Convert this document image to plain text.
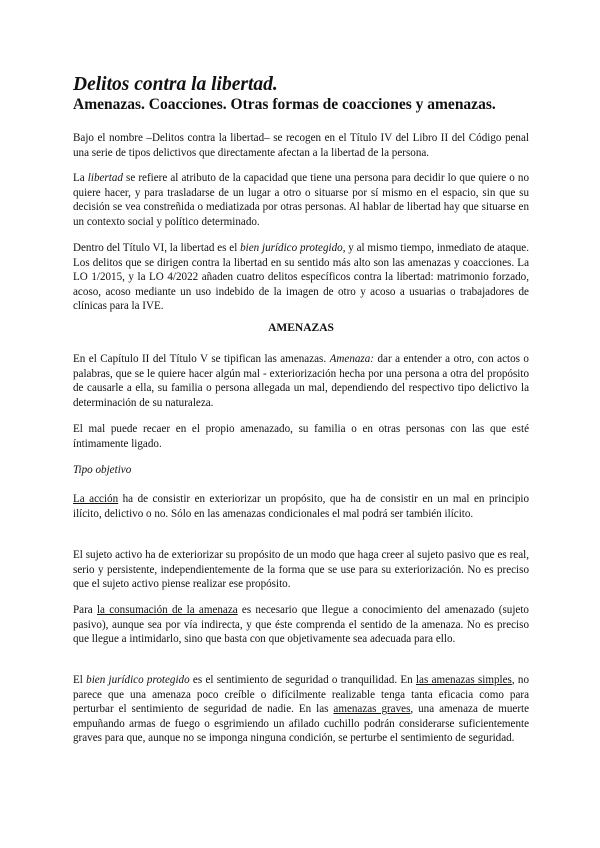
Delitos contra la libertad.
Amenazas. Coacciones. Otras formas de coacciones y amenazas.

Bajo el nombre –Delitos contra la libertad– se recogen en el Título IV del Libro II del Código penal una serie de tipos delictivos que directamente afectan a la libertad de la persona.

La libertad se refiere al atributo de la capacidad que tiene una persona para decidir lo que quiere o no quiere hacer, y para trasladarse de un lugar a otro o situarse por sí mismo en el espacio, sin que su decisión se vea constreñida o mediatizada por otras personas. Al hablar de libertad hay que situarse en un contexto social y político determinado.

Dentro del Título VI, la libertad es el bien jurídico protegido, y al mismo tiempo, inmediato de ataque. Los delitos que se dirigen contra la libertad en su sentido más alto son las amenazas y coacciones. La LO 1/2015, y la LO 4/2022 añaden cuatro delitos específicos contra la libertad: matrimonio forzado, acoso, acoso mediante un uso indebido de la imagen de otro y acoso a usuarias o trabajadores de clínicas para la IVE.

AMENAZAS

En el Capítulo II del Título V se tipifican las amenazas. Amenaza: dar a entender a otro, con actos o palabras, que se le quiere hacer algún mal - exteriorización hecha por una persona a otra del propósito de causarle a ella, su familia o persona allegada un mal, dependiendo del respectivo tipo delictivo la determinación de su naturaleza.

El mal puede recaer en el propio amenazado, su familia o en otras personas con las que esté íntimamente ligado.

Tipo objetivo

La acción ha de consistir en exteriorizar un propósito, que ha de consistir en un mal en principio ilícito, delictivo o no. Sólo en las amenazas condicionales el mal podrá ser también ilícito.

El sujeto activo ha de exteriorizar su propósito de un modo que haga creer al sujeto pasivo que es real, serio y persistente, independientemente de la forma que se use para su exteriorización. No es preciso que el sujeto activo piense realizar ese propósito.

Para la consumación de la amenaza es necesario que llegue a conocimiento del amenazado (sujeto pasivo), aunque sea por vía indirecta, y que éste comprenda el sentido de la amenaza. No es preciso que llegue a intimidarlo, sino que basta con que objetivamente sea adecuada para ello.

El bien jurídico protegido es el sentimiento de seguridad o tranquilidad. En las amenazas simples, no parece que una amenaza poco creíble o difícilmente realizable tenga tanta eficacia como para perturbar el sentimiento de seguridad de nadie. En las amenazas graves, una amenaza de muerte empuñando armas de fuego o esgrimiendo un afilado cuchillo podrán considerarse suficientemente graves para que, aunque no se imponga ninguna condición, se perturbe el sentimiento de seguridad.
